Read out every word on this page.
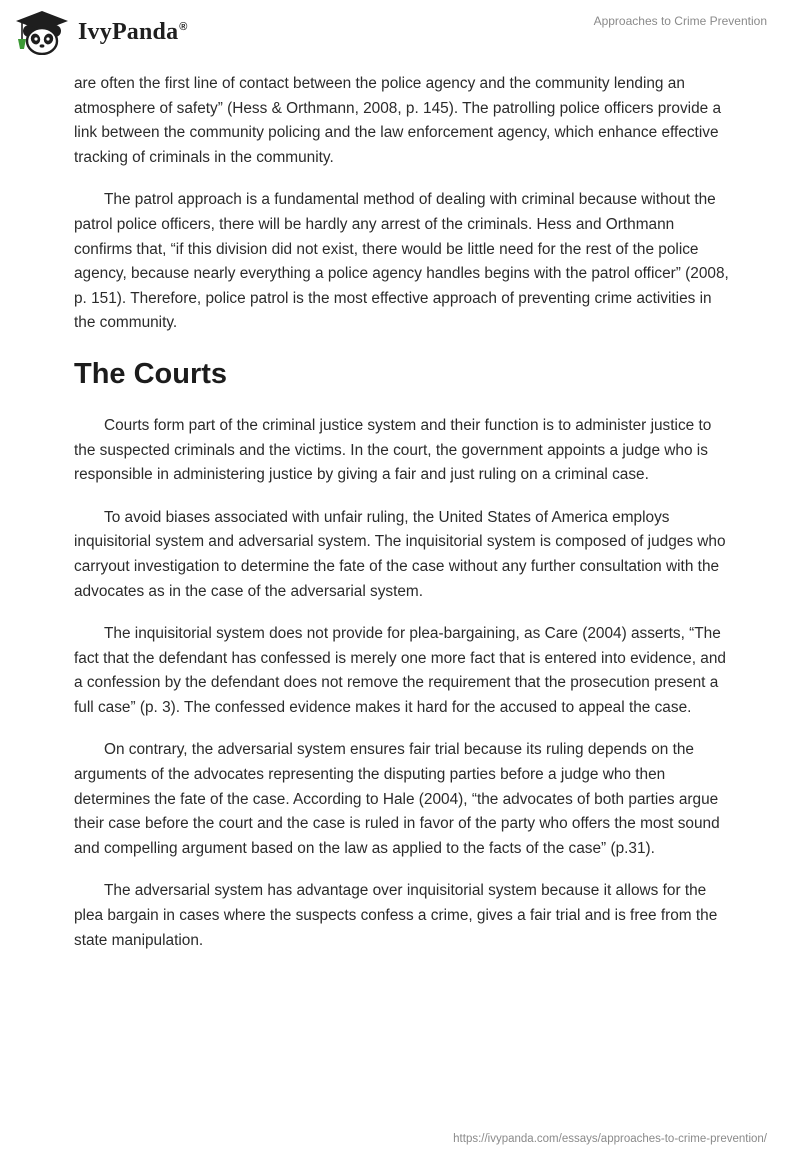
IvyPanda®	Approaches to Crime Prevention

are often the first line of contact between the police agency and the community lending an atmosphere of safety” (Hess & Orthmann, 2008, p. 145). The patrolling police officers provide a link between the community policing and the law enforcement agency, which enhance effective tracking of criminals in the community.

The patrol approach is a fundamental method of dealing with criminal because without the patrol police officers, there will be hardly any arrest of the criminals. Hess and Orthmann confirms that, “if this division did not exist, there would be little need for the rest of the police agency, because nearly everything a police agency handles begins with the patrol officer” (2008, p. 151). Therefore, police patrol is the most effective approach of preventing crime activities in the community.

The Courts

Courts form part of the criminal justice system and their function is to administer justice to the suspected criminals and the victims. In the court, the government appoints a judge who is responsible in administering justice by giving a fair and just ruling on a criminal case.

To avoid biases associated with unfair ruling, the United States of America employs inquisitorial system and adversarial system. The inquisitorial system is composed of judges who carryout investigation to determine the fate of the case without any further consultation with the advocates as in the case of the adversarial system.

The inquisitorial system does not provide for plea-bargaining, as Care (2004) asserts, “The fact that the defendant has confessed is merely one more fact that is entered into evidence, and a confession by the defendant does not remove the requirement that the prosecution present a full case” (p. 3). The confessed evidence makes it hard for the accused to appeal the case.

On contrary, the adversarial system ensures fair trial because its ruling depends on the arguments of the advocates representing the disputing parties before a judge who then determines the fate of the case. According to Hale (2004), “the advocates of both parties argue their case before the court and the case is ruled in favor of the party who offers the most sound and compelling argument based on the law as applied to the facts of the case” (p.31).

The adversarial system has advantage over inquisitorial system because it allows for the plea bargain in cases where the suspects confess a crime, gives a fair trial and is free from the state manipulation.

https://ivypanda.com/essays/approaches-to-crime-prevention/
